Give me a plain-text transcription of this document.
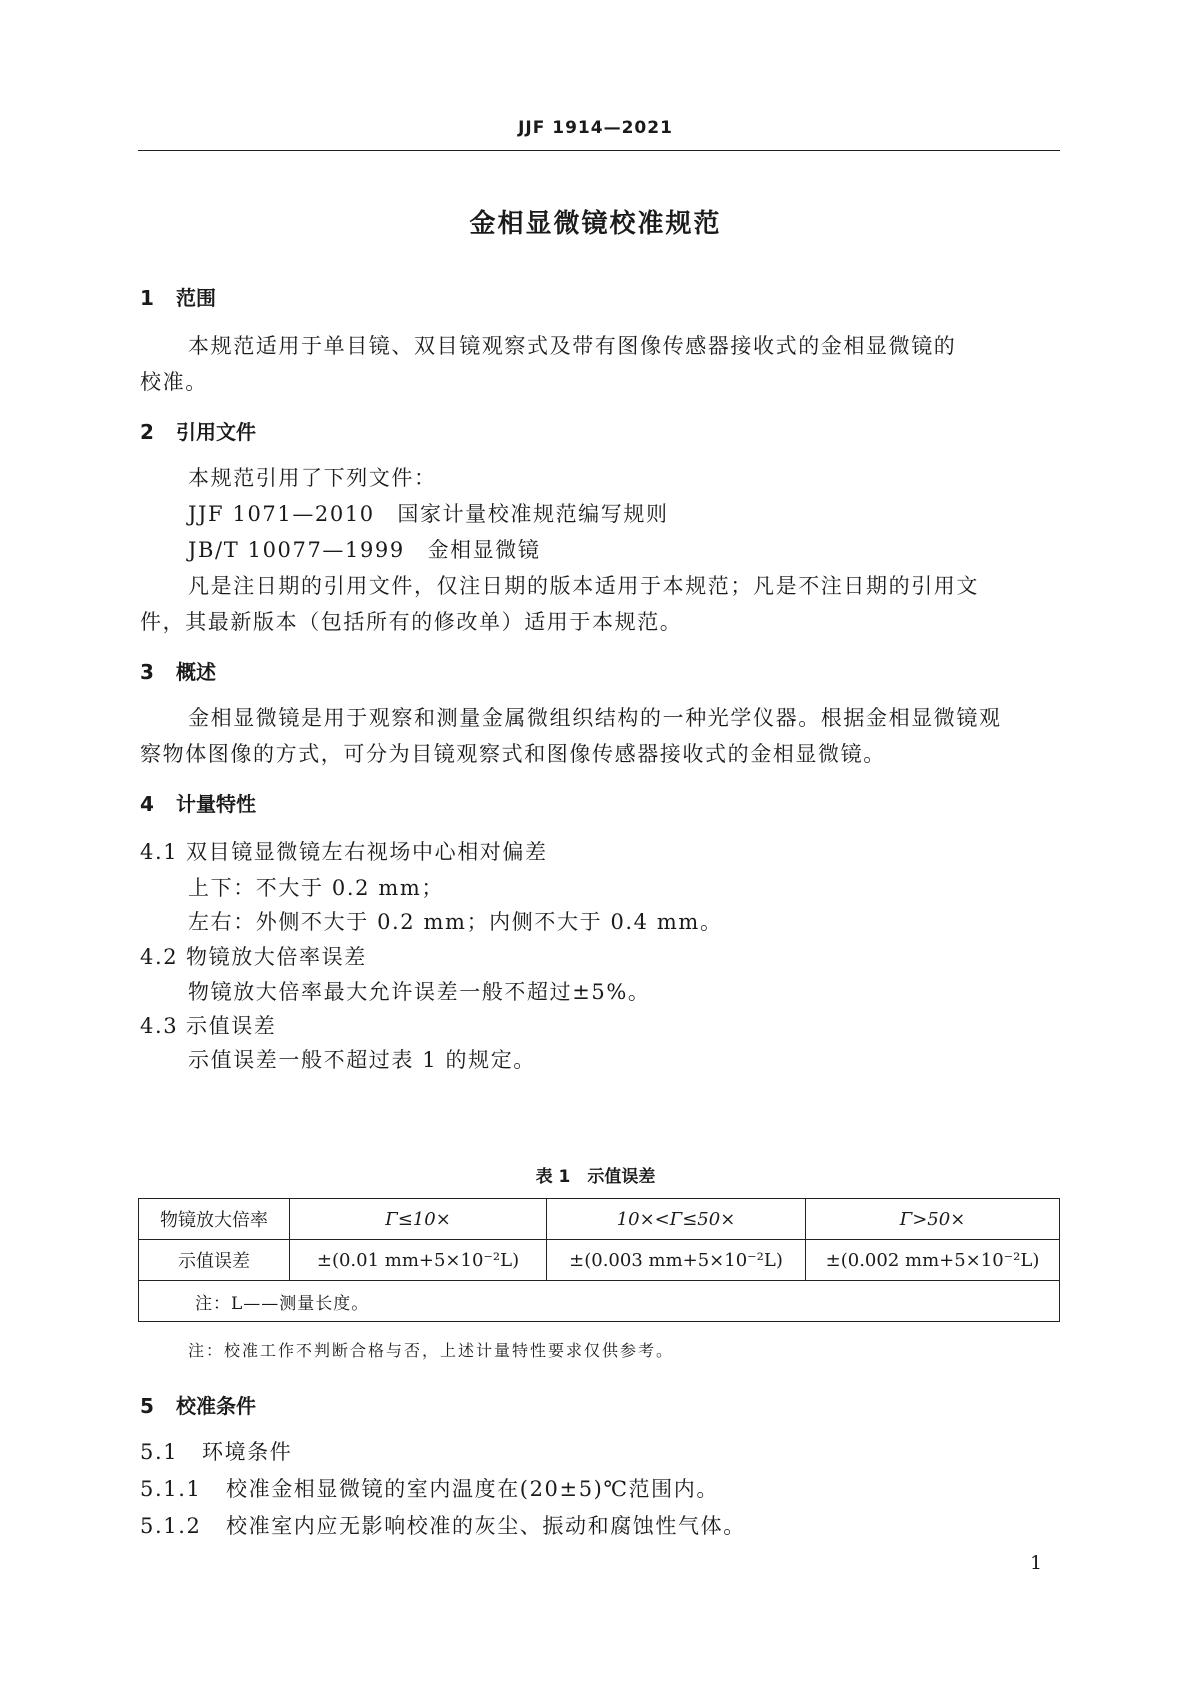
JJF 1914—2021
金相显微镜校准规范
1 范围
本规范适用于单目镜、双目镜观察式及带有图像传感器接收式的金相显微镜的
校准。
2 引用文件
本规范引用了下列文件：
JJF 1071—2010　国家计量校准规范编写规则
JB/T 10077—1999　金相显微镜
凡是注日期的引用文件，仅注日期的版本适用于本规范；凡是不注日期的引用文
件，其最新版本（包括所有的修改单）适用于本规范。
3 概述
金相显微镜是用于观察和测量金属微组织结构的一种光学仪器。根据金相显微镜观
察物体图像的方式，可分为目镜观察式和图像传感器接收式的金相显微镜。
4 计量特性
4.1 双目镜显微镜左右视场中心相对偏差
上下：不大于 0.2 mm；
左右：外侧不大于 0.2 mm；内侧不大于 0.4 mm。
4.2 物镜放大倍率误差
物镜放大倍率最大允许误差一般不超过±5%。
4.3 示值误差
示值误差一般不超过表 1 的规定。
表 1　示值误差
物镜放大倍率	Γ≤10×	10×<Γ≤50×	Γ>50×
示值误差	±(0.01 mm+5×10⁻²L)	±(0.003 mm+5×10⁻²L)	±(0.002 mm+5×10⁻²L)
注：L——测量长度。			
注：校准工作不判断合格与否，上述计量特性要求仅供参考。
5 校准条件
5.1 环境条件
5.1.1 校准金相显微镜的室内温度在(20±5)℃范围内。
5.1.2 校准室内应无影响校准的灰尘、振动和腐蚀性气体。
1
